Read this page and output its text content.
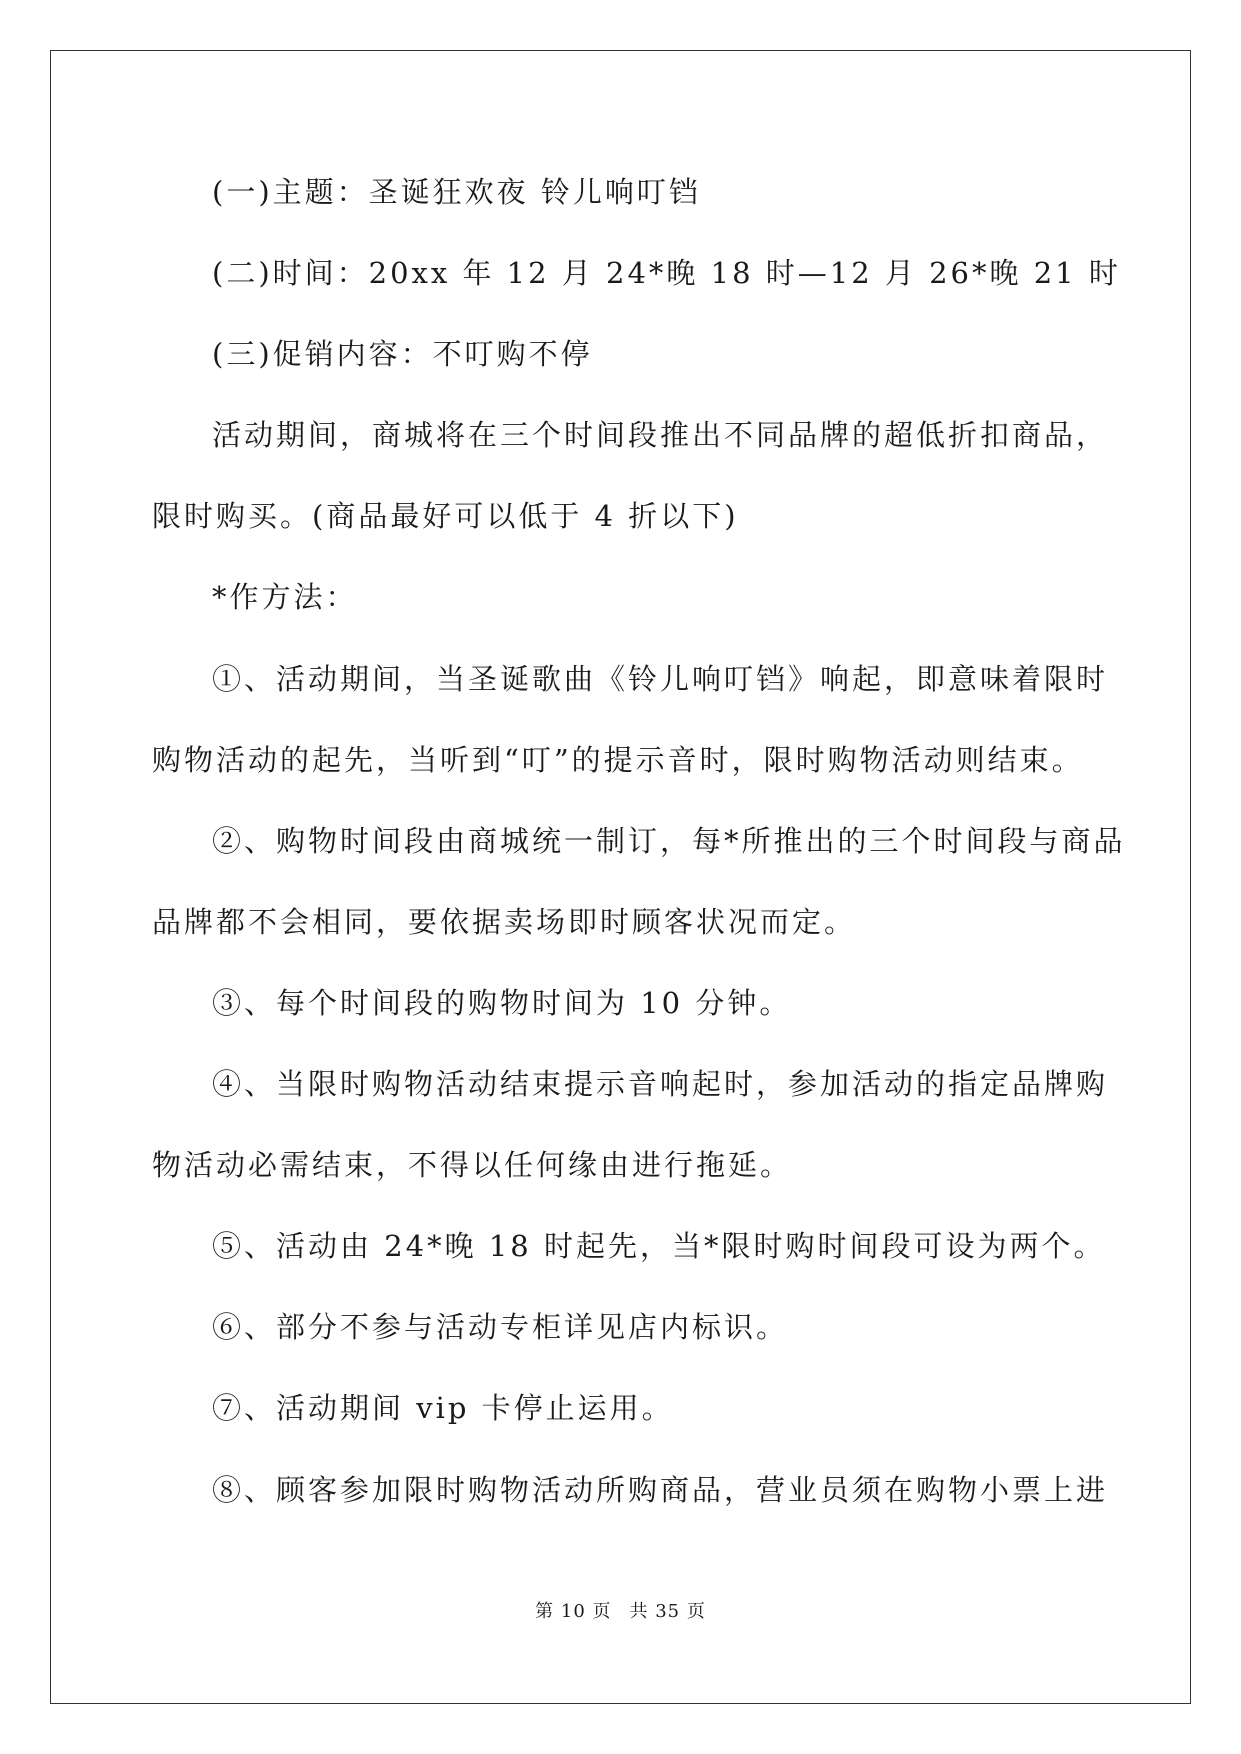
(一)主题：圣诞狂欢夜 铃儿响叮铛
(二)时间：20xx 年 12 月 24*晚 18 时—12 月 26*晚 21 时
(三)促销内容：不叮购不停
活动期间，商城将在三个时间段推出不同品牌的超低折扣商品，
限时购买。(商品最好可以低于 4 折以下)
*作方法：
①、活动期间，当圣诞歌曲《铃儿响叮铛》响起，即意味着限时
购物活动的起先，当听到“叮”的提示音时，限时购物活动则结束。
②、购物时间段由商城统一制订，每*所推出的三个时间段与商品
品牌都不会相同，要依据卖场即时顾客状况而定。
③、每个时间段的购物时间为 10 分钟。
④、当限时购物活动结束提示音响起时，参加活动的指定品牌购
物活动必需结束，不得以任何缘由进行拖延。
⑤、活动由 24*晚 18 时起先，当*限时购时间段可设为两个。
⑥、部分不参与活动专柜详见店内标识。
⑦、活动期间 vip 卡停止运用。
⑧、顾客参加限时购物活动所购商品，营业员须在购物小票上进
第 10 页 共 35 页
